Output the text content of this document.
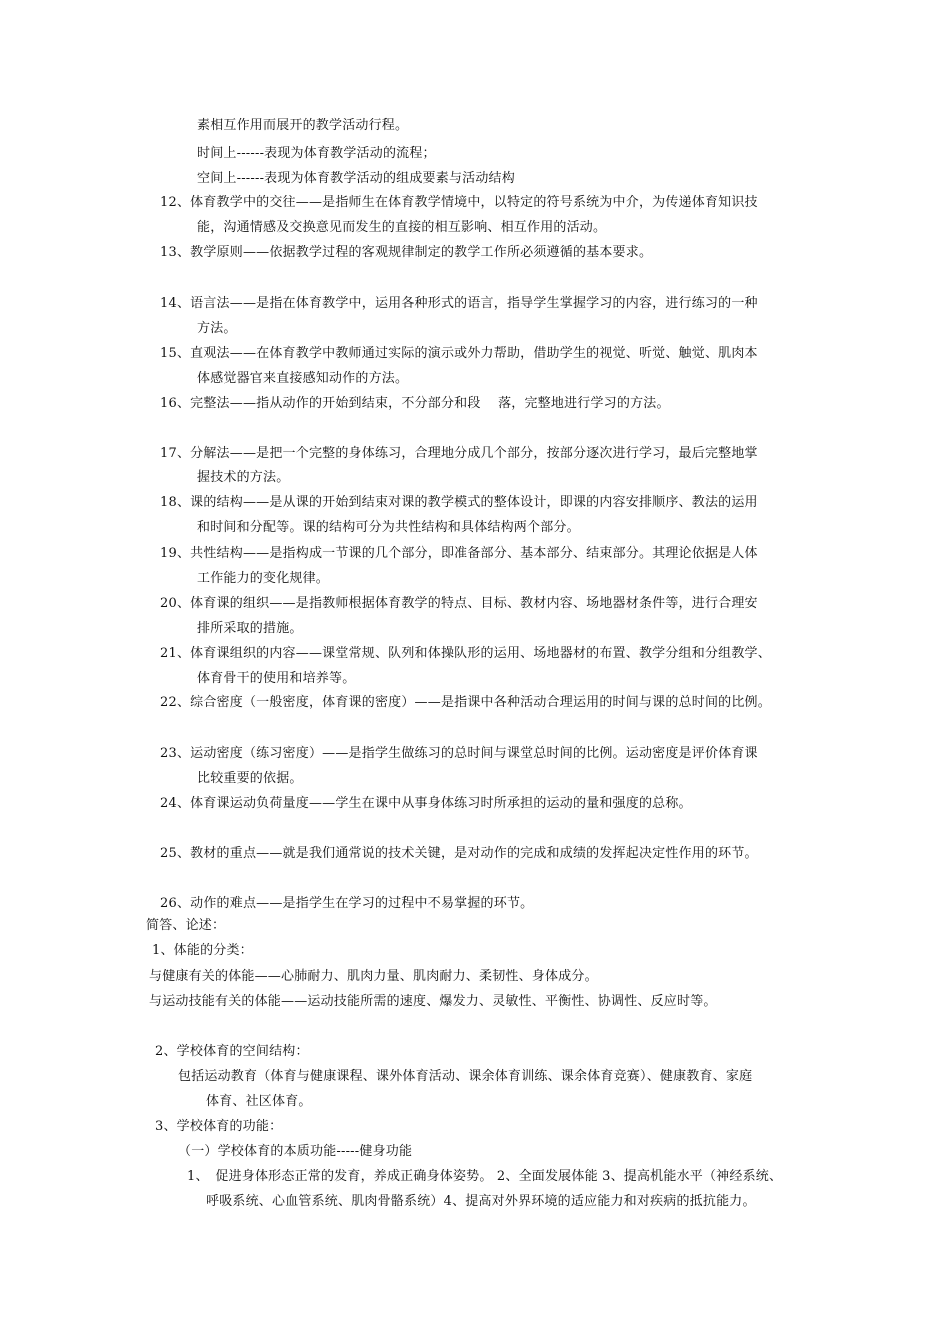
素相互作用而展开的教学活动行程。
时间上------表现为体育教学活动的流程；
空间上------表现为体育教学活动的组成要素与活动结构
12、体育教学中的交往——是指师生在体育教学情境中，以特定的符号系统为中介，为传递体育知识技
能，沟通情感及交换意见而发生的直接的相互影响、相互作用的活动。
13、教学原则——依据教学过程的客观规律制定的教学工作所必须遵循的基本要求。
14、语言法——是指在体育教学中，运用各种形式的语言，指导学生掌握学习的内容，进行练习的一种
方法。
15、直观法——在体育教学中教师通过实际的演示或外力帮助，借助学生的视觉、听觉、触觉、肌肉本
体感觉器官来直接感知动作的方法。
16、完整法——指从动作的开始到结束，不分部分和段　 落，完整地进行学习的方法。
17、分解法——是把一个完整的身体练习，合理地分成几个部分，按部分逐次进行学习，最后完整地掌
握技术的方法。
18、课的结构——是从课的开始到结束对课的教学模式的整体设计，即课的内容安排顺序、教法的运用
和时间和分配等。课的结构可分为共性结构和具体结构两个部分。
19、共性结构——是指构成一节课的几个部分，即准备部分、基本部分、结束部分。其理论依据是人体
工作能力的变化规律。
20、体育课的组织——是指教师根据体育教学的特点、目标、教材内容、场地器材条件等，进行合理安
排所采取的措施。
21、体育课组织的内容——课堂常规、队列和体操队形的运用、场地器材的布置、教学分组和分组教学、
体育骨干的使用和培养等。
22、综合密度（一般密度，体育课的密度）——是指课中各种活动合理运用的时间与课的总时间的比例。
23、运动密度（练习密度）——是指学生做练习的总时间与课堂总时间的比例。运动密度是评价体育课
比较重要的依据。
24、体育课运动负荷量度——学生在课中从事身体练习时所承担的运动的量和强度的总称。
25、教材的重点——就是我们通常说的技术关键，是对动作的完成和成绩的发挥起决定性作用的环节。
26、动作的难点——是指学生在学习的过程中不易掌握的环节。
简答、论述：
1、体能的分类：
与健康有关的体能——心肺耐力、肌肉力量、肌肉耐力、柔韧性、身体成分。
与运动技能有关的体能——运动技能所需的速度、爆发力、灵敏性、平衡性、协调性、反应时等。
2、学校体育的空间结构：
包括运动教育（体育与健康课程、课外体育活动、课余体育训练、课余体育竞赛）、健康教育、家庭
体育、社区体育。
3、学校体育的功能：
（一）学校体育的本质功能-----健身功能
1、　促进身体形态正常的发育，养成正确身体姿势。 2、全面发展体能 3、提高机能水平（神经系统、
呼吸系统、心血管系统、肌肉骨骼系统）4、提高对外界环境的适应能力和对疾病的抵抗能力。
